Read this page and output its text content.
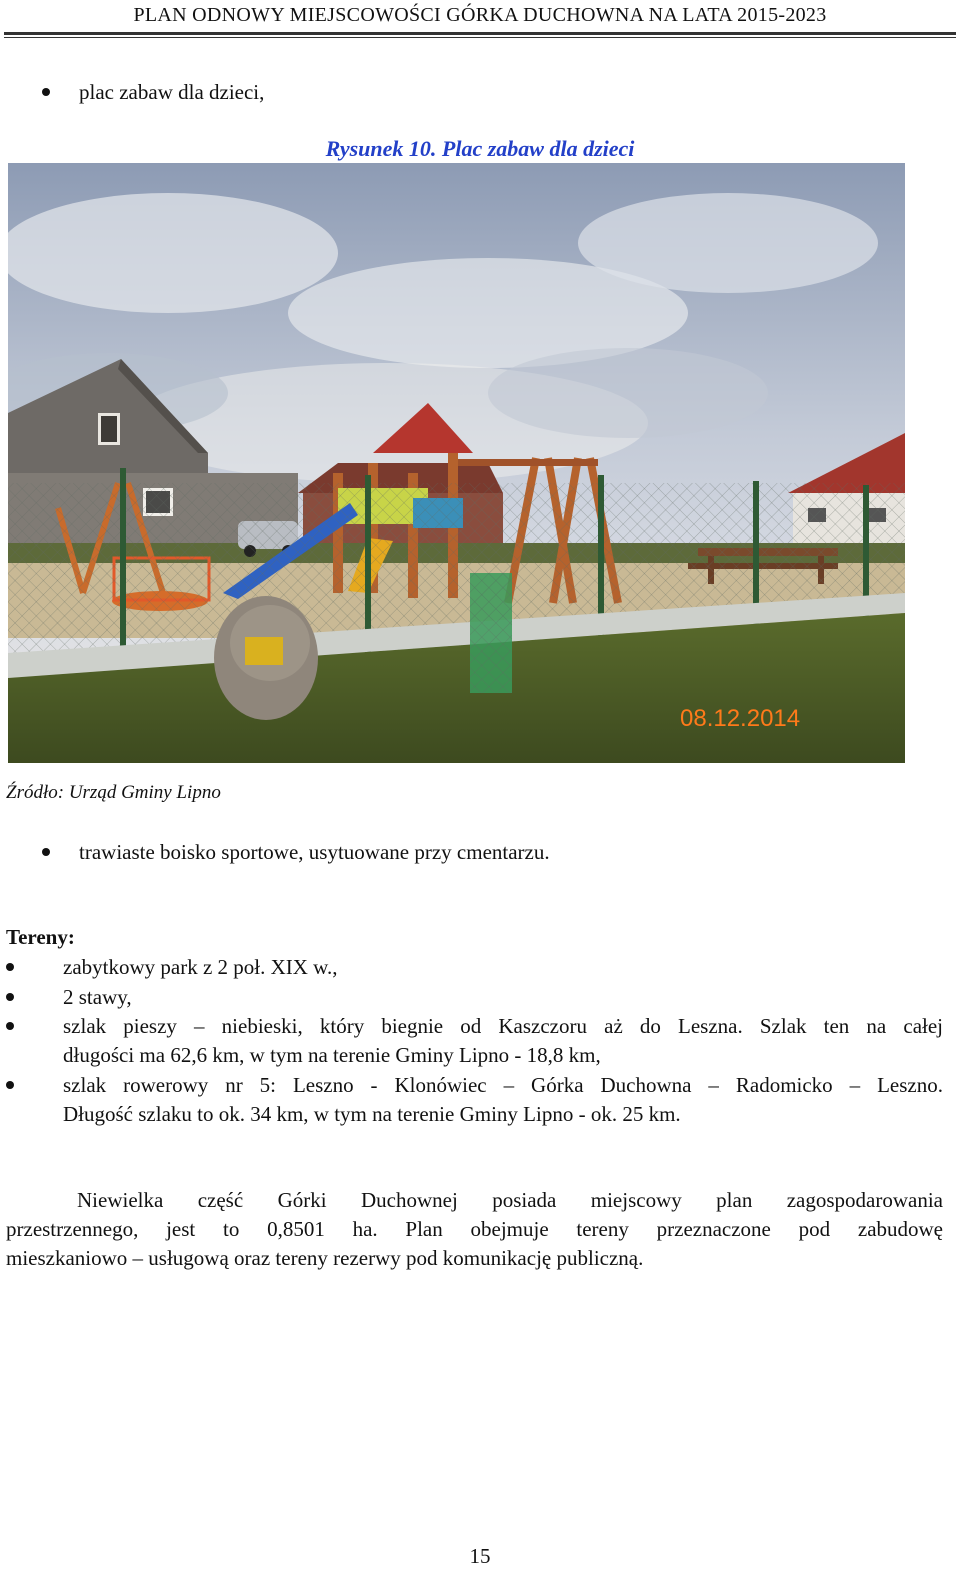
PLAN ODNOWY MIEJSCOWOŚCI GÓRKA DUCHOWNA NA LATA 2015-2023
plac zabaw dla dzieci,
Rysunek 10. Plac zabaw dla dzieci
08.12.2014
Źródło: Urząd Gminy Lipno
trawiaste boisko sportowe, usytuowane przy cmentarzu.
Tereny:
zabytkowy park z 2 poł. XIX w.,
2 stawy,
szlak pieszy – niebieski, który biegnie od Kaszczoru aż do Leszna. Szlak ten na całej
długości ma 62,6 km, w tym na terenie Gminy Lipno - 18,8 km,
szlak rowerowy nr 5: Leszno - Klonówiec – Górka Duchowna – Radomicko – Leszno.
Długość szlaku to ok. 34 km, w tym na terenie Gminy Lipno - ok. 25 km.
Niewielka część Górki Duchownej posiada miejscowy plan zagospodarowania
przestrzennego, jest to 0,8501 ha. Plan obejmuje tereny przeznaczone pod zabudowę
mieszkaniowo – usługową oraz tereny rezerwy pod komunikację publiczną.
15
